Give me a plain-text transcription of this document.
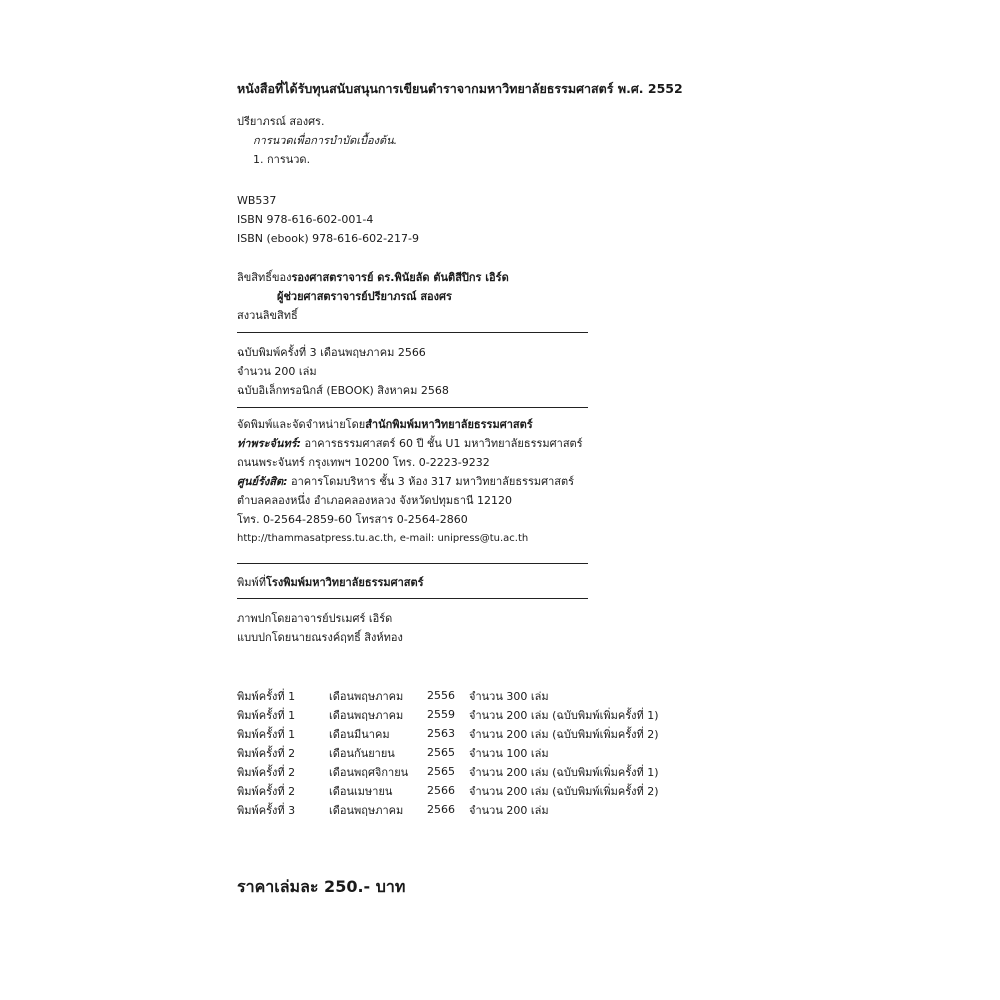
หนังสือที่ได้รับทุนสนับสนุนการเขียนตำราจากมหาวิทยาลัยธรรมศาสตร์ พ.ศ. 2552
ปรียาภรณ์ สองศร.
การนวดเพื่อการบำบัดเบื้องต้น.
1. การนวด.
WB537
ISBN 978-616-602-001-4
ISBN (ebook) 978-616-602-217-9
ลิขสิทธิ์ของรองศาสตราจารย์ ดร.พินัยลัด ตันติสีปิกร เอิร์ด
ผู้ช่วยศาสตราจารย์ปรียาภรณ์ สองศร
สงวนลิขสิทธิ์
ฉบับพิมพ์ครั้งที่ 3 เดือนพฤษภาคม 2566
จำนวน 200 เล่ม
ฉบับอิเล็กทรอนิกส์ (EBOOK) สิงหาคม 2568
จัดพิมพ์และจัดจำหน่ายโดยสำนักพิมพ์มหาวิทยาลัยธรรมศาสตร์
ท่าพระจันทร์: อาคารธรรมศาสตร์ 60 ปี ชั้น U1 มหาวิทยาลัยธรรมศาสตร์
ถนนพระจันทร์ กรุงเทพฯ 10200 โทร. 0-2223-9232
ศูนย์รังสิต: อาคารโดมบริหาร ชั้น 3 ห้อง 317 มหาวิทยาลัยธรรมศาสตร์
ตำบลคลองหนึ่ง อำเภอคลองหลวง จังหวัดปทุมธานี 12120
โทร. 0-2564-2859-60 โทรสาร 0-2564-2860
http://thammasatpress.tu.ac.th, e-mail: unipress@tu.ac.th
พิมพ์ที่โรงพิมพ์มหาวิทยาลัยธรรมศาสตร์
ภาพปกโดยอาจารย์ปรเมศร์ เอิร์ด
แบบปกโดยนายณรงค์ฤทธิ์ สิงห์ทอง
พิมพ์ครั้งที่ 1	เดือนพฤษภาคม	2556	จำนวน 300 เล่ม
พิมพ์ครั้งที่ 1	เดือนพฤษภาคม	2559	จำนวน 200 เล่ม (ฉบับพิมพ์เพิ่มครั้งที่ 1)
พิมพ์ครั้งที่ 1	เดือนมีนาคม	2563	จำนวน 200 เล่ม (ฉบับพิมพ์เพิ่มครั้งที่ 2)
พิมพ์ครั้งที่ 2	เดือนกันยายน	2565	จำนวน 100 เล่ม
พิมพ์ครั้งที่ 2	เดือนพฤศจิกายน	2565	จำนวน 200 เล่ม (ฉบับพิมพ์เพิ่มครั้งที่ 1)
พิมพ์ครั้งที่ 2	เดือนเมษายน	2566	จำนวน 200 เล่ม (ฉบับพิมพ์เพิ่มครั้งที่ 2)
พิมพ์ครั้งที่ 3	เดือนพฤษภาคม	2566	จำนวน 200 เล่ม
ราคาเล่มละ 250.- บาท
